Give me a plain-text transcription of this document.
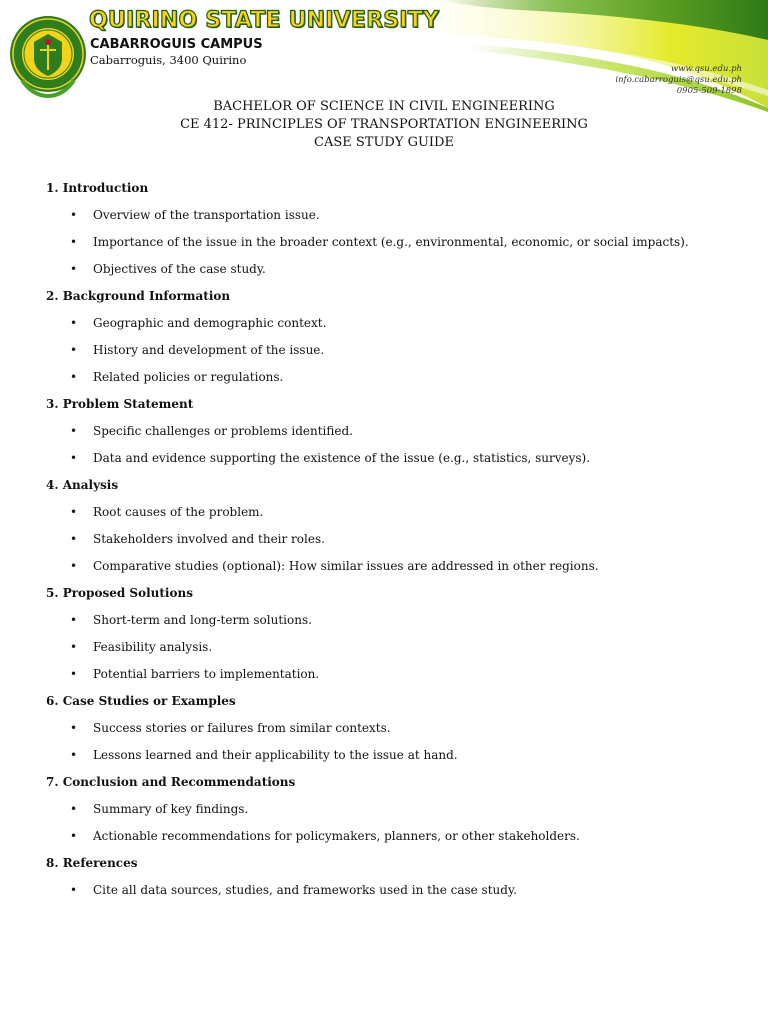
QUIRINO STATE UNIVERSITY
CABARROGUIS CAMPUS
Cabarroguis, 3400 Quirino
www.qsu.edu.ph
info.cabarroguis@qsu.edu.ph
0905-509-1898
BACHELOR OF SCIENCE IN CIVIL ENGINEERING
CE 412- PRINCIPLES OF TRANSPORTATION ENGINEERING
CASE STUDY GUIDE
1. Introduction
• Overview of the transportation issue.
• Importance of the issue in the broader context (e.g., environmental, economic, or social impacts).
• Objectives of the case study.
2. Background Information
• Geographic and demographic context.
• History and development of the issue.
• Related policies or regulations.
3. Problem Statement
• Specific challenges or problems identified.
• Data and evidence supporting the existence of the issue (e.g., statistics, surveys).
4. Analysis
• Root causes of the problem.
• Stakeholders involved and their roles.
• Comparative studies (optional): How similar issues are addressed in other regions.
5. Proposed Solutions
• Short-term and long-term solutions.
• Feasibility analysis.
• Potential barriers to implementation.
6. Case Studies or Examples
• Success stories or failures from similar contexts.
• Lessons learned and their applicability to the issue at hand.
7. Conclusion and Recommendations
• Summary of key findings.
• Actionable recommendations for policymakers, planners, or other stakeholders.
8. References
• Cite all data sources, studies, and frameworks used in the case study.
